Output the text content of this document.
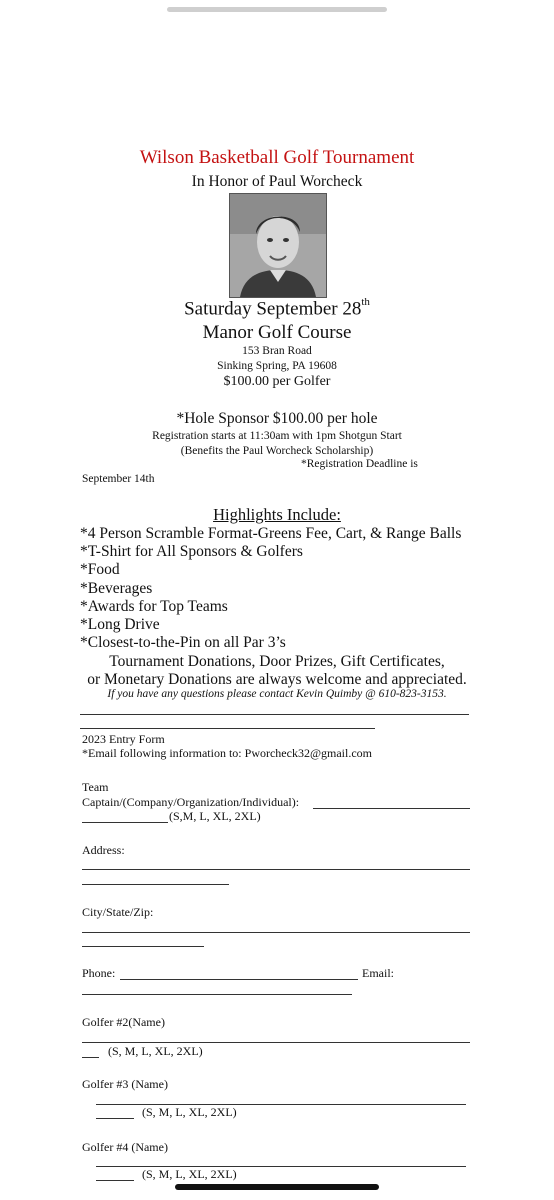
Wilson Basketball Golf Tournament
In Honor of Paul Worcheck
Saturday September 28th
Manor Golf Course
153 Bran Road
Sinking Spring, PA 19608
$100.00 per Golfer
*Hole Sponsor $100.00 per hole
Registration starts at 11:30am with 1pm Shotgun Start
(Benefits the Paul Worcheck Scholarship)
*Registration Deadline is
September 14th
Highlights Include:
*4 Person Scramble Format-Greens Fee, Cart, & Range Balls
*T-Shirt for All Sponsors & Golfers
*Food
*Beverages
*Awards for Top Teams
*Long Drive
*Closest-to-the-Pin on all Par 3’s
Tournament Donations, Door Prizes, Gift Certificates,
or Monetary Donations are always welcome and appreciated.
If you have any questions please contact Kevin Quimby @ 610-823-3153.
2023 Entry Form
*Email following information to: Pworcheck32@gmail.com
Team
Captain/(Company/Organization/Individual):
(S,M, L, XL, 2XL)
Address:
City/State/Zip:
Phone:	Email:
Golfer #2(Name)
(S, M, L, XL, 2XL)
Golfer #3 (Name)
(S, M, L, XL, 2XL)
Golfer #4 (Name)
(S, M, L, XL, 2XL)
